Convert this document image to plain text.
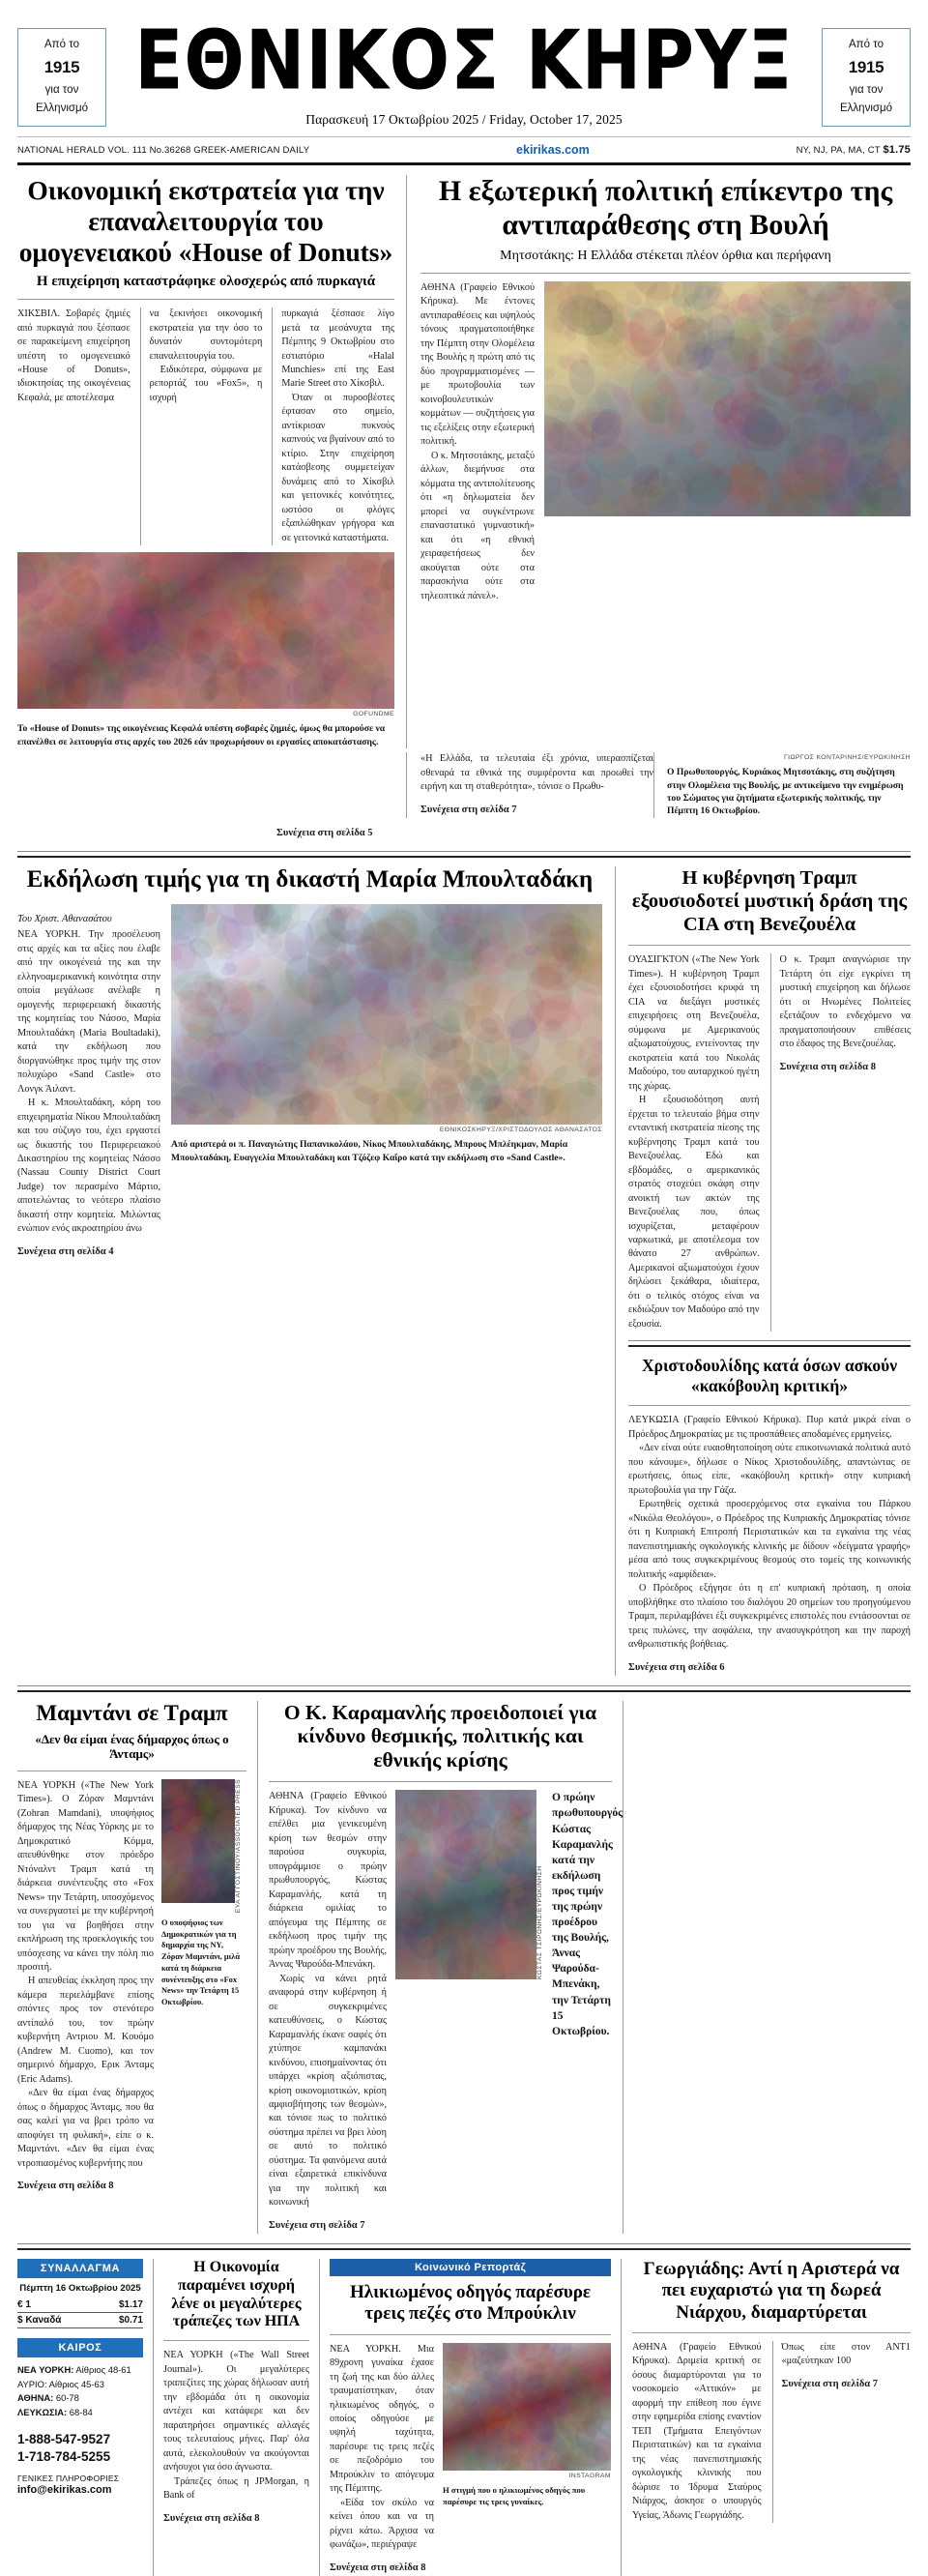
Από το
1915
για τον
Ελληνισμό
ΕΘΝΙΚΟΣ ΚΗΡΥΞ
Παρασκευή 17 Οκτωβρίου 2025 / Friday, October 17, 2025
Από το
1915
για τον
Ελληνισμό
NATIONAL HERALD VOL. 111 No.36268 GREEK-AMERICAN DAILY	ekirikas.com	NY, NJ, PA, MA, CT $1.75
Οικονομική εκστρατεία για την επαναλειτουργία του ομογενειακού «House of Donuts»
Η επιχείρηση καταστράφηκε ολοσχερώς από πυρκαγιά

ΧΙΚΣΒΙΛ. Σοβαρές ζημιές από πυρκαγιά που ξέσπασε σε παρακείμενη επιχείρηση υπέστη το ομογενειακό «House of Donuts», ιδιοκτησίας της οικογένειας Κεφαλά, με αποτέλεσμα

να ξεκινήσει οικονομική εκστρατεία για την όσο το δυνατόν συντομότερη επαναλειτουργία του.

Ειδικότερα, σύμφωνα με ρεπορτάζ του «Fox5», η ισχυρή

πυρκαγιά ξέσπασε λίγο μετά τα μεσάνυχτα της Πέμπτης 9 Οκτωβρίου στο εστιατόριο «Halal Munchies» επί της East Marie Street στο Χίκσβιλ.

Όταν οι πυροσβέστες έφτασαν στο σημείο, αντίκρισαν πυκνούς καπνούς να βγαίνουν από το κτίριο. Στην επιχείρηση κατάσβεσης συμμετείχαν δυνάμεις από το Χίκσβιλ και γειτονικές κοινότητες, ωστόσο οι φλόγες εξαπλώθηκαν γρήγορα και σε γειτονικά καταστήματα.

GOFUNDME
Το «House of Donuts» της οικογένειας Κεφαλά υπέστη σοβαρές ζημιές, όμως θα μπορούσε να επανέλθει σε λειτουργία στις αρχές του 2026 εάν προχωρήσουν οι εργασίες αποκατάστασης.
Η εξωτερική πολιτική επίκεντρο της αντιπαράθεσης στη Βουλή
Μητσοτάκης: Η Ελλάδα στέκεται πλέον όρθια και περήφανη

ΑΘΗΝΑ (Γραφείο Εθνικού Κήρυκα). Με έντονες αντιπαραθέσεις και υψηλούς τόνους πραγματοποιήθηκε την Πέμπτη στην Ολομέλεια της Βουλής η πρώτη από τις δύο προγραμματισμένες — με πρωτοβουλία των κοινοβουλευτικών κομμάτων — συζητήσεις για τις εξελίξεις στην εξωτερική πολιτική.

Ο κ. Μητσοτάκης, μεταξύ άλλων, διεμήνυσε στα κόμματα της αντιπολίτευσης ότι «η δηλωματεία δεν μπορεί να συγκέντρωνε επαναστατικό γυμναστική» και ότι «η εθνική χειραφετήσεως δεν ακούγεται ούτε στα παρασκήνια ούτε στα τηλεοπτικά πάνελ».

«Η Ελλάδα, τα τελευταία έξι χρόνια, υπερασπίζεται σθεναρά τα εθνικά της συμφέροντα και προωθεί την ειρήνη και τη σταθερότητα», τόνισε ο Πρωθυ-

Συνέχεια στη σελίδα 7
ΓΙΩΡΓΟΣ ΚΟΝΤΑΡΙΝΗΣ/ΕΥΡΩΚΙΝΗΣΗ
Ο Πρωθυπουργός, Κυριάκος Μητσοτάκης, στη συζήτηση στην Ολομέλεια της Βουλής, με αντικείμενο την ενημέρωση του Σώματος για ζητήματα εξωτερικής πολιτικής, την Πέμπτη 16 Οκτωβρίου.
Συνέχεια στη σελίδα 5
Εκδήλωση τιμής για τη δικαστή Μαρία Μπουλταδάκη
Του Χριστ. Αθανασάτου

ΝΕΑ ΥΟΡΚΗ. Την προσέλευση στις αρχές και τα αξίες που έλαβε από την οικογένειά της και την ελληνοαμερικανική κοινότητα στην οποία μεγάλωσε ανέλαβε η ομογενής περιφερειακή δικαστής της κομητείας του Νάσσο, Μαρία Μπουλταδάκη (Maria Boultadaki), κατά την εκδήλωση που διοργανώθηκε προς τιμήν της στον πολυχώρο «Sand Castle» στο Λονγκ Άιλαντ.

Η κ. Μπουλταδάκη, κόρη του επιχειρηματία Νίκου Μπουλταδάκη και του σύζυγο του, έχει εργαστεί ως δικαστής του Περιφερειακού Δικαστηρίου της κομητείας Νάσσο (Nassau County District Court Judge) τον περασμένο Μάρτιο, αποτελώντας το νεότερο πλαίσιο δικαστή στην κομητεία. Μιλώντας ενώπιον ενός ακροατηρίου άνω

Συνέχεια στη σελίδα 4
ΕΘΝΙΚΟΣΚΗΡΥΞ/ΧΡΙΣΤΟΔΟΥΛΟΣ ΑΘΑΝΑΣΑΤΟΣ
Από αριστερά οι π. Παναγιώτης Παπανικολάου, Νίκος Μπουλταδάκης, Μπρους Μπλέηκμαν, Μαρία Μπουλταδάκη, Ευαγγελία Μπουλταδάκη και Τζόζεφ Καΐρο κατά την εκδήλωση στο «Sand Castle».
Η κυβέρνηση Τραμπ εξουσιοδοτεί μυστική δράση της CIA στη Βενεζουέλα

ΟΥΑΣΙΓΚΤΟΝ («The New York Times»). Η κυβέρνηση Τραμπ έχει εξουσιοδοτήσει κρυφά τη CIA να διεξάγει μυστικές επιχειρήσεις στη Βενεζουέλα, σύμφωνα με Αμερικανούς αξιωματούχους, εντείνοντας την εκστρατεία κατά του Νικολάς Μαδούρο, του αυταρχικού ηγέτη της χώρας.

Η εξουσιοδότηση αυτή έρχεται το τελευταίο βήμα στην ενταντική εκστρατεία πίεσης της κυβέρνησης Τραμπ κατά του Βενεζουέλας. Εδώ και εβδομάδες, ο αμερικανικός στρατός στοχεύει σκάφη στην ανοικτή των ακτών της Βενεζουέλας που, όπως ισχυρίζεται, μεταφέρουν ναρκωτικά, με αποτέλεσμα τον θάνατο 27 ανθρώπων. Αμερικανοί αξιωματούχοι έχουν δηλώσει ξεκάθαρα, ιδιαίτερα, ότι ο τελικός στόχος είναι να εκδιώξουν τον Μαδούρο από την εξουσία.

Ο κ. Τραμπ αναγνώρισε την Τετάρτη ότι είχε εγκρίνει τη μυστική επιχείρηση και δήλωσε ότι οι Ηνωμένες Πολιτείες εξετάζουν το ενδεχόμενο να πραγματοποιήσουν επιθέσεις στο έδαφος της Βενεζουέλας.

Συνέχεια στη σελίδα 8
Χριστοδουλίδης κατά όσων ασκούν «κακόβουλη κριτική»

ΛΕΥΚΩΣΙΑ (Γραφείο Εθνικού Κήρυκα). Πυρ κατά μικρά είναι ο Πρόεδρος Δημοκρατίας με τις προσπάθειες αποδαμένες ερμηνείες.

«Δεν είναι ούτε ευαισθητοποίηση ούτε επικοινωνιακά πολιτικά αυτό που κάνουμε», δήλωσε ο Νίκος Χριστοδουλίδης, απαντώντας σε ερωτήσεις, όπως είπε, «κακόβουλη κριτική» στην κυπριακή πρωτοβουλία για την Γάζα.

Ερωτηθείς σχετικά προσερχόμενος στα εγκαίνια του Πάρκου «Νικόλα Θεολόγου», ο Πρόεδρος της Κυπριακής Δημοκρατίας τόνισε ότι η Κυπριακή Επιτροπή Περιστατικών και τα εγκαίνια της νέας πανεπιστημιακής ογκολογικής κλινικής με δίδουν «δείγματα γραφής» μέσα από τους συγκεκριμένους θεσμούς στο τομείς της κοινωνικής πολιτικής «αμφίδεια».

Ο Πρόεδρος εξήγησε ότι η επ' κυπριακή πρόταση, η οποία υποβλήθηκε στο πλαίσιο του διαλόγου 20 σημείων του προηγούμενου Τραμπ, περιλαμβάνει έξι συγκεκριμένες επιστολές που εντάσσονται σε τρεις πυλώνες, την ασφάλεια, την ανασυγκρότηση και την παροχή ανθρωπιστικής βοήθειας.

Συνέχεια στη σελίδα 6
Μαμντάνι σε Τραμπ
«Δεν θα είμαι ένας δήμαρχος όπως ο Άνταμς»

ΝΕΑ ΥΟΡΚΗ («The New York Times»). Ο Ζόραν Μαμντάνι (Zohran Mamdani), υποψήφιος δήμαρχος της Νέας Υόρκης με το Δημοκρατικό Κόμμα, απευθύνθηκε στον πρόεδρο Ντόναλντ Τραμπ κατά τη διάρκεια συνέντευξης στο «Fox News» την Τετάρτη, υποσχόμενος να συνεργαστεί με την κυβέρνησή του για να βοηθήσει στην εκπλήρωση της προεκλογικής του υπόσχεσης να κάνει την πόλη πιο προσιτή.

Η απευθείας έκκληση προς την κάμερα περιελάμβανε επίσης σπόντες προς τον στενότερο αντίπαλό του, τον πρώην κυβερνήτη Αντριου Μ. Κουόμο (Andrew M. Cuomo), και τον σημερινό δήμαρχο, Ερικ Άνταμς (Eric Adams).

«Δεν θα είμαι ένας δήμαρχος όπως ο δήμαρχος Άνταμς, που θα σας καλεί για να βρει τρόπο να αποφύγει τη φυλακή», είπε ο κ. Μαμντάνι. «Δεν θα είμαι ένας ντροπιασμένος κυβερνήτης που

Συνέχεια στη σελίδα 8
ΕΥΑ ΑΓΓΟΣΤΙΝΟΥ/ASSOCIATED PRESS
Ο υποψήφιος των Δημοκρατικών για τη δημαρχία της ΝΥ, Ζόραν Μαμντάνι, μιλά κατά τη διάρκεια συνέντευξης στο «Fox News» την Τετάρτη 15 Οκτωβρίου.
Ο Κ. Καραμανλής προειδοποιεί για κίνδυνο θεσμικής, πολιτικής και εθνικής κρίσης

ΑΘΗΝΑ (Γραφείο Εθνικού Κήρυκα). Τον κίνδυνο να επέλθει μια γενικευμένη κρίση των θεσμών στην παρούσα συγκυρία, υπογράμμισε ο πρώην πρωθυπουργός, Κώστας Καραμανλής, κατά τη διάρκεια ομιλίας το απόγευμα της Πέμπτης σε εκδήλωση προς τιμήν της πρώην προέδρου της Βουλής, Άννας Ψαρούδα-Μπενάκη.

Χωρίς να κάνει ρητά αναφορά στην κυβέρνηση ή σε συγκεκριμένες κατευθύνσεις, ο Κώστας Καραμανλής έκανε σαφές ότι χτύπησε καμπανάκι κινδύνου, επισημαίνοντας ότι υπάρχει «κρίση αξιόπιστας, κρίση οικονομιστικών, κρίση αμφισβήτησης των θεσμών», και τόνισε πως το πολιτικό σύστημα πρέπει να βρει λύση σε αυτό το πολιτικό σύστημα. Τα φαινόμενα αυτά είναι εξαιρετικά επικίνδυνα για την πολιτική και κοινωνική

Συνέχεια στη σελίδα 7
ΚΩΣΤΑΣ ΤΣΙΡΩΝΗΣ/ΕΥΡΩΚΙΝΗΣΗ
Ο πρώην πρωθυπουργός Κώστας Καραμανλής κατά την εκδήλωση προς τιμήν της πρώην προέδρου της Βουλής, Άννας Ψαρούδα-Μπενάκη, την Τετάρτη 15 Οκτωβρίου.
ΣΥΝΑΛΛΑΓΜΑ
Πέμπτη 16 Οκτωβρίου 2025
€ 1	$1.17
$ Καναδά	$0.71
ΚΑΙΡΟΣ
ΝΕΑ ΥΟΡΚΗ: Αίθριος 48-61
ΑΥΡΙΟ: Αίθριος 45-63
ΑΘΗΝΑ: 60-78
ΛΕΥΚΩΣΙΑ: 68-84
1-888-547-9527
1-718-784-5255
ΓΕΝΙΚΕΣ ΠΛΗΡΟΦΟΡΙΕΣ
info@ekirikas.com
Η Οικονομία παραμένει ισχυρή λένε οι μεγαλύτερες τράπεζες των ΗΠΑ

ΝΕΑ ΥΟΡΚΗ («The Wall Street Journal»). Οι μεγαλύτερες τραπεζίτες της χώρας δήλωσαν αυτή την εβδομάδα ότι η οικονομία αντέχει και κατάφερε και δεν παρατηρήσει σημαντικές αλλαγές τους τελευταίους μήνες. Παρ' όλα αυτά, ελεκολουθούν να ακούγονται ανήσυχοι για όσο άγνωστα.

Τράπεζες όπως η JPMorgan, η Bank of

Συνέχεια στη σελίδα 8
Κοινωνικό Ρεπορτάζ
Ηλικιωμένος οδηγός παρέσυρε τρεις πεζές στο Μπρούκλιν

ΝΕΑ ΥΟΡΚΗ. Μια 89χρονη γυναίκα έχασε τη ζωή της και δύο άλλες τραυματίστηκαν, όταν ηλικιωμένος οδηγός, ο οποίος οδηγούσε με υψηλή ταχύτητα, παρέσυρε τις τρεις πεζές σε πεζοδρόμιο του Μπρούκλιν το απόγευμα της Πέμπτης.

«Είδα τον σκύλο να κείνει όπου και να τη ρίχνει κάτω. Άρχισα να φωνάζω», περιέγραψε

Συνέχεια στη σελίδα 8
INSTAGRAM
Η στιγμή που ο ηλικιωμένος οδηγός που παρέσυρε τις τρεις γυναίκες.
Γεωργιάδης: Αντί η Αριστερά να πει ευχαριστώ για τη δωρεά Νιάρχου, διαμαρτύρεται

ΑΘΗΝΑ (Γραφείο Εθνικού Κήρυκα). Δριμεία κριτική σε όσους διαμαρτύρονται για το νοσοκομείο «Αττικόν» με αφορμή την επίθεση που έγινε στην εφημερίδα επίσης εναντίον ΤΕΠ (Τμήματα Επειγόντων Περιστατικών) και τα εγκαίνια της νέας πανεπιστημιακής ογκολογικής κλινικής που δώρισε το Ίδρυμα Σταύρος Νιάρχος, άσκησε ο υπουργός Υγείας, Άδωνις Γεωργιάδης.

Όπως είπε στον ΑΝΤ1 «μαζεύτηκαν 100

Συνέχεια στη σελίδα 7
